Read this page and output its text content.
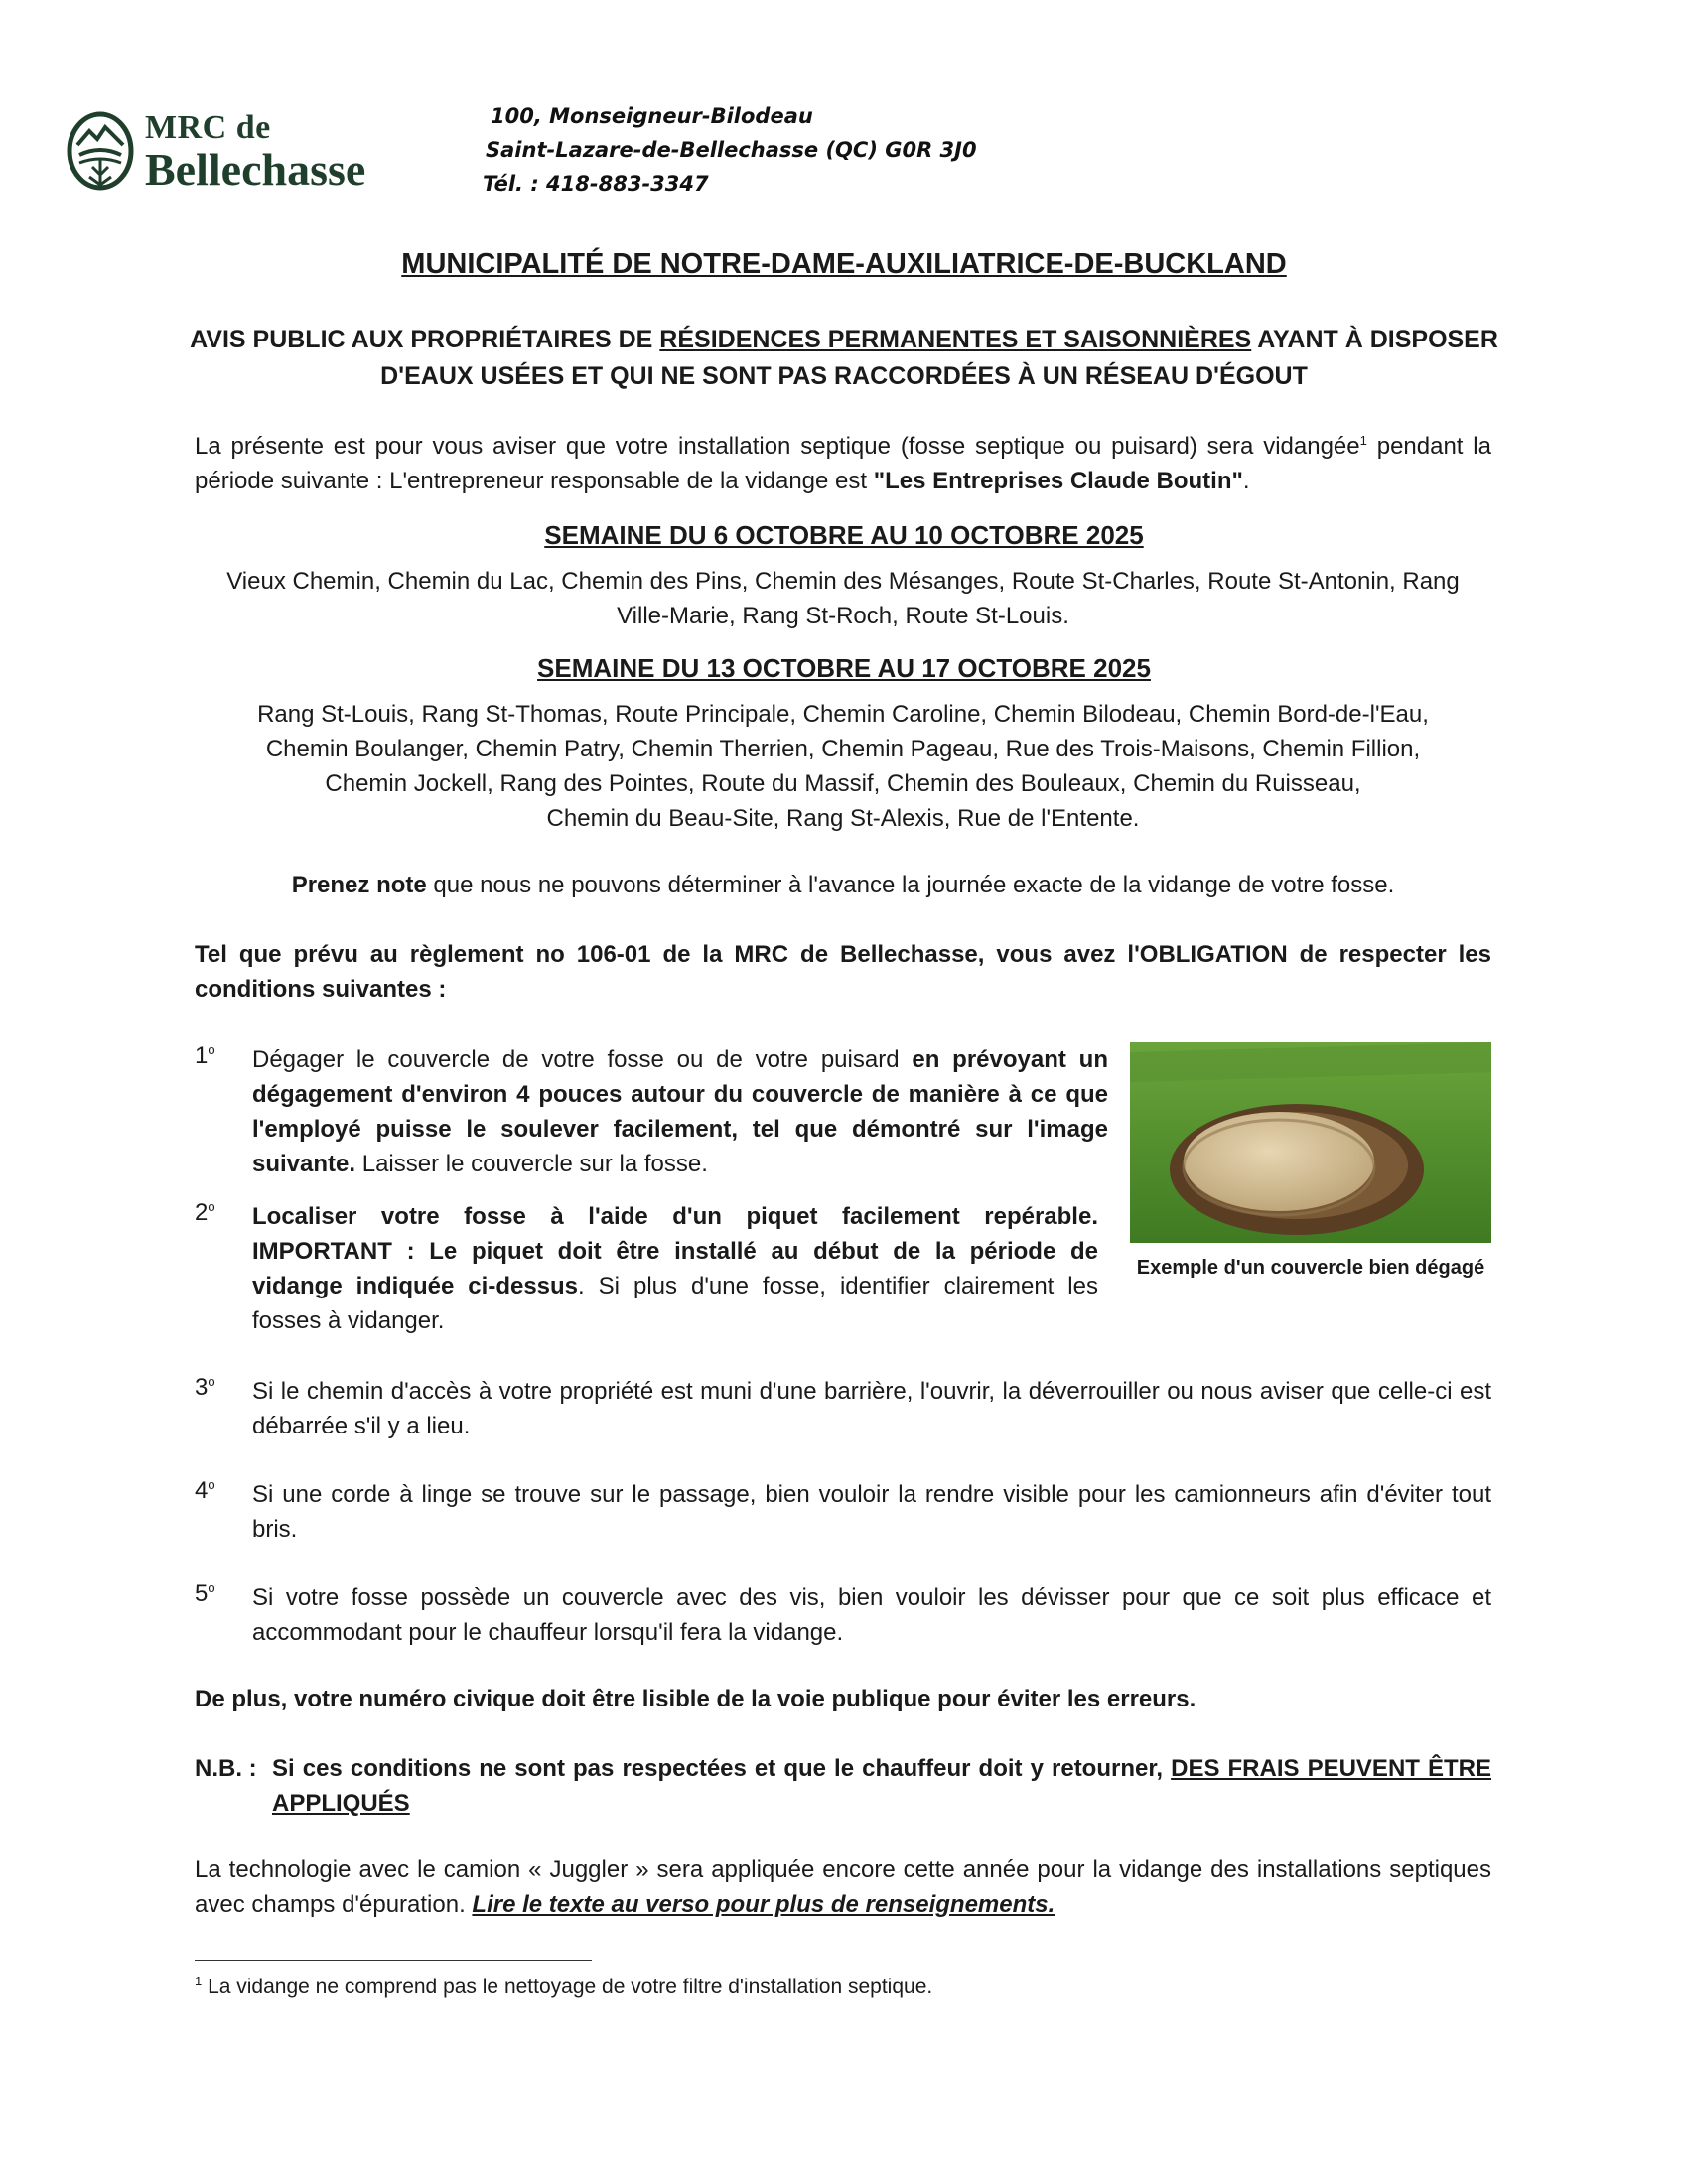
MRC de
Bellechasse
100, Monseigneur-Bilodeau
Saint-Lazare-de-Bellechasse (QC) G0R 3J0
Tél. : 418-883-3347
MUNICIPALITÉ DE NOTRE-DAME-AUXILIATRICE-DE-BUCKLAND
AVIS PUBLIC AUX PROPRIÉTAIRES DE RÉSIDENCES PERMANENTES ET SAISONNIÈRES AYANT À DISPOSER D'EAUX USÉES ET QUI NE SONT PAS RACCORDÉES À UN RÉSEAU D'ÉGOUT
La présente est pour vous aviser que votre installation septique (fosse septique ou puisard) sera vidangée$^1$ pendant la période suivante : L'entrepreneur responsable de la vidange est "Les Entreprises Claude Boutin".
SEMAINE DU 6 OCTOBRE AU 10 OCTOBRE 2025
Vieux Chemin, Chemin du Lac, Chemin des Pins, Chemin des Mésanges, Route St-Charles, Route St-Antonin, Rang
Ville-Marie, Rang St-Roch, Route St-Louis.
SEMAINE DU 13 OCTOBRE AU 17 OCTOBRE 2025
Rang St-Louis, Rang St-Thomas, Route Principale, Chemin Caroline, Chemin Bilodeau, Chemin Bord-de-l'Eau,
Chemin Boulanger, Chemin Patry, Chemin Therrien, Chemin Pageau, Rue des Trois-Maisons, Chemin Fillion,
Chemin Jockell, Rang des Pointes, Route du Massif, Chemin des Bouleaux, Chemin du Ruisseau,
Chemin du Beau-Site, Rang St-Alexis, Rue de l'Entente.
Prenez note que nous ne pouvons déterminer à l'avance la journée exacte de la vidange de votre fosse.
Tel que prévu au règlement no 106-01 de la MRC de Bellechasse, vous avez l'OBLIGATION de respecter les conditions suivantes :
1$^o$ Dégager le couvercle de votre fosse ou de votre puisard en prévoyant un dégagement d'environ 4 pouces autour du couvercle de manière à ce que l'employé puisse le soulever facilement, tel que démontré sur l'image suivante. Laisser le couvercle sur la fosse.
2$^o$ Localiser votre fosse à l'aide d'un piquet facilement repérable. IMPORTANT : Le piquet doit être installé au début de la période de vidange indiquée ci-dessus. Si plus d'une fosse, identifier clairement les fosses à vidanger.
Exemple d'un couvercle bien dégagé
3$^o$ Si le chemin d'accès à votre propriété est muni d'une barrière, l'ouvrir, la déverrouiller ou nous aviser que celle-ci est débarrée s'il y a lieu.
4$^o$ Si une corde à linge se trouve sur le passage, bien vouloir la rendre visible pour les camionneurs afin d'éviter tout bris.
5$^o$ Si votre fosse possède un couvercle avec des vis, bien vouloir les dévisser pour que ce soit plus efficace et accommodant pour le chauffeur lorsqu'il fera la vidange.
De plus, votre numéro civique doit être lisible de la voie publique pour éviter les erreurs.
N.B. : Si ces conditions ne sont pas respectées et que le chauffeur doit y retourner, DES FRAIS PEUVENT ÊTRE APPLIQUÉS
La technologie avec le camion « Juggler » sera appliquée encore cette année pour la vidange des installations septiques avec champs d'épuration. Lire le texte au verso pour plus de renseignements.
$^1$ La vidange ne comprend pas le nettoyage de votre filtre d'installation septique.
